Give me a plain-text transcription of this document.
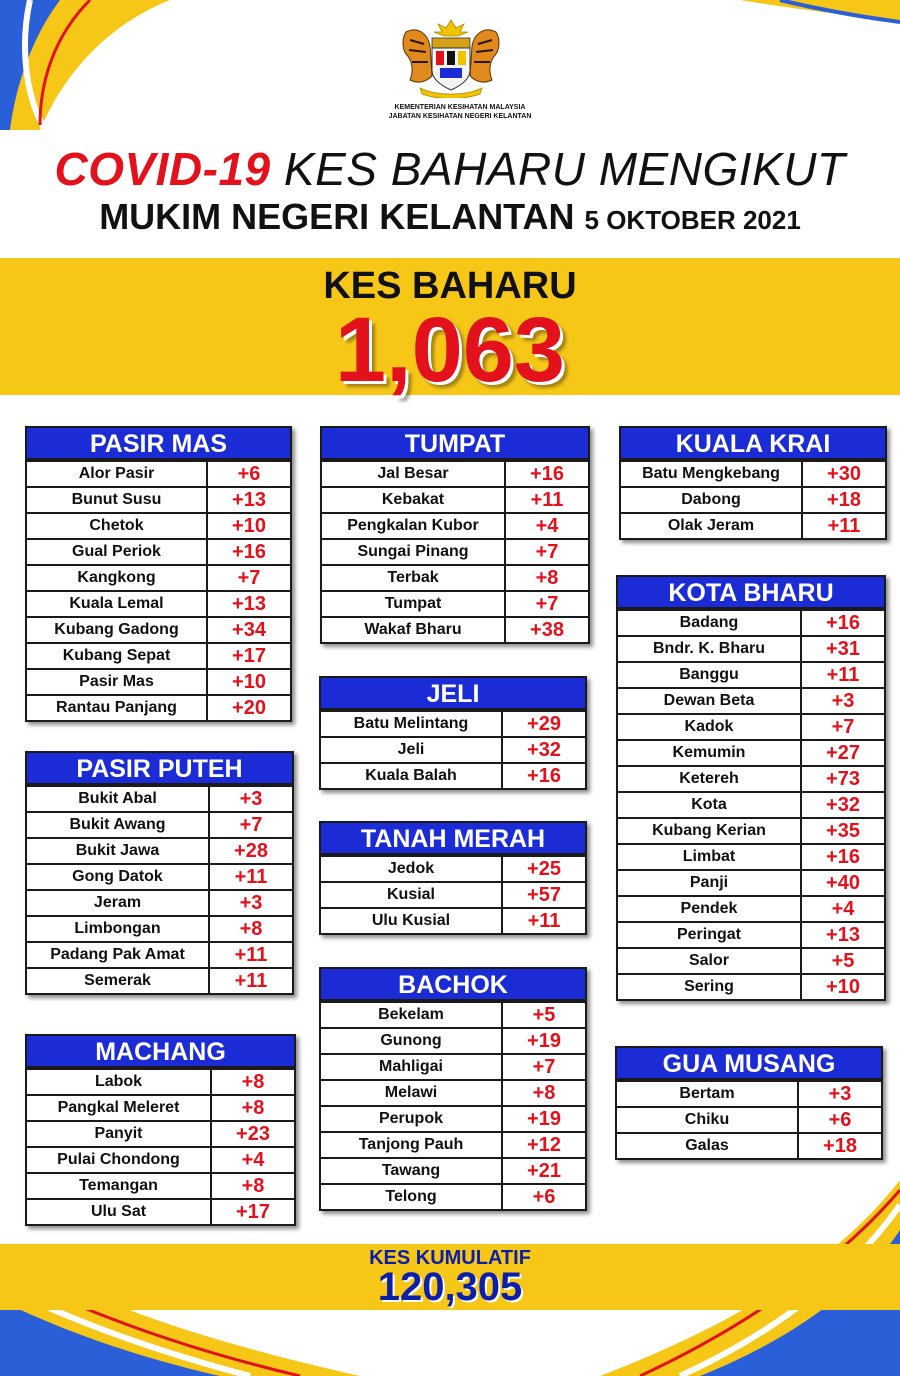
KEMENTERIAN KESIHATAN MALAYSIA
JABATAN KESIHATAN NEGERI KELANTAN
COVID-19 KES BAHARU MENGIKUT
MUKIM NEGERI KELANTAN 5 OKTOBER 2021
KES BAHARU
1,063
PASIR MAS
Alor Pasir	+6
Bunut Susu	+13
Chetok	+10
Gual Periok	+16
Kangkong	+7
Kuala Lemal	+13
Kubang Gadong	+34
Kubang Sepat	+17
Pasir Mas	+10
Rantau Panjang	+20
PASIR PUTEH
Bukit Abal	+3
Bukit Awang	+7
Bukit Jawa	+28
Gong Datok	+11
Jeram	+3
Limbongan	+8
Padang Pak Amat	+11
Semerak	+11
MACHANG
Labok	+8
Pangkal Meleret	+8
Panyit	+23
Pulai Chondong	+4
Temangan	+8
Ulu Sat	+17
TUMPAT
Jal Besar	+16
Kebakat	+11
Pengkalan Kubor	+4
Sungai Pinang	+7
Terbak	+8
Tumpat	+7
Wakaf Bharu	+38
JELI
Batu Melintang	+29
Jeli	+32
Kuala Balah	+16
TANAH MERAH
Jedok	+25
Kusial	+57
Ulu Kusial	+11
BACHOK
Bekelam	+5
Gunong	+19
Mahligai	+7
Melawi	+8
Perupok	+19
Tanjong Pauh	+12
Tawang	+21
Telong	+6
KUALA KRAI
Batu Mengkebang	+30
Dabong	+18
Olak Jeram	+11
KOTA BHARU
Badang	+16
Bndr. K. Bharu	+31
Banggu	+11
Dewan Beta	+3
Kadok	+7
Kemumin	+27
Ketereh	+73
Kota	+32
Kubang Kerian	+35
Limbat	+16
Panji	+40
Pendek	+4
Peringat	+13
Salor	+5
Sering	+10
GUA MUSANG
Bertam	+3
Chiku	+6
Galas	+18
KES KUMULATIF
120,305
